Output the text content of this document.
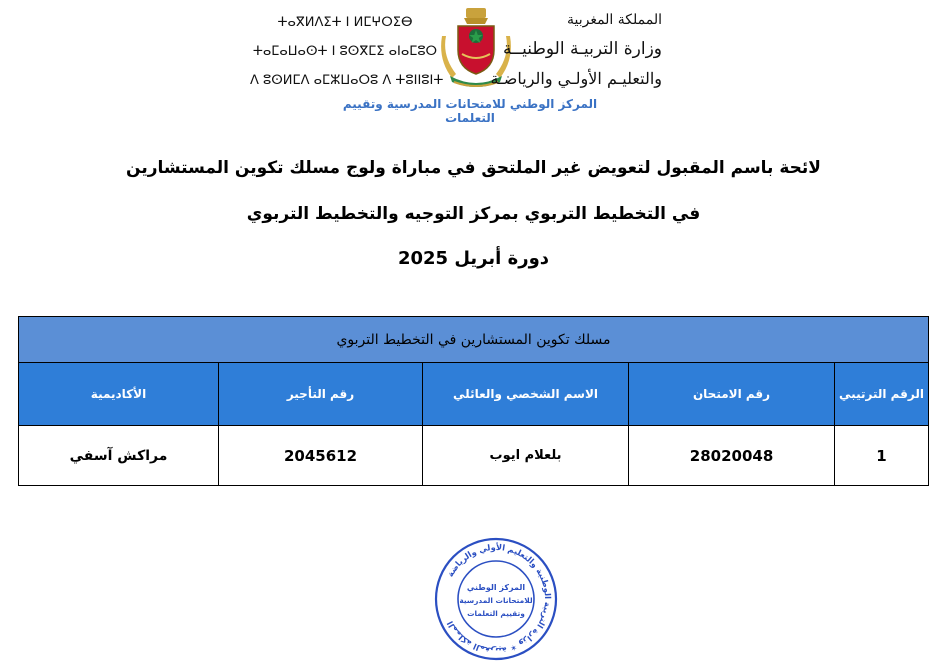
ⵜⴰⴳⵍⴷⵉⵜ ⵏ ⵍⵎⵖⵔⵉⴱ
ⵜⴰⵎⴰⵡⴰⵙⵜ ⵏ ⵓⵙⴳⵎⵉ ⴰⵏⴰⵎⵓⵔ
ⴷ ⵓⵙⵍⵎⴷ ⴰⵎⵣⵡⴰⵔⵓ ⴷ ⵜⵓⵏⵏⵓⵏⵜ
المملكة المغربية
وزارة التربيـة الوطنيــة
والتعليـم الأولـي والرياضـة
المركز الوطني للامتحانات المدرسية وتقييم التعلمات
لائحة باسم المقبول لتعويض غير الملتحق في مباراة ولوج مسلك تكوين المستشارين
في التخطيط التربوي بمركز التوجيه والتخطيط التربوي
دورة أبريل 2025
مسلك تكوين المستشارين في التخطيط التربوي				
الرقم الترتيبي	رقم الامتحان	الاسم الشخصي والعائلي	رقم التأجير	الأكاديمية
1	28020048	بلعلام ايوب	2045612	مراكش آسفي
المملكة المغربية ✶ وزارة التربية الوطنية والتعليم الأولي والرياضة
المركز الوطني
للامتحانات المدرسية
وتقييم التعلمات
